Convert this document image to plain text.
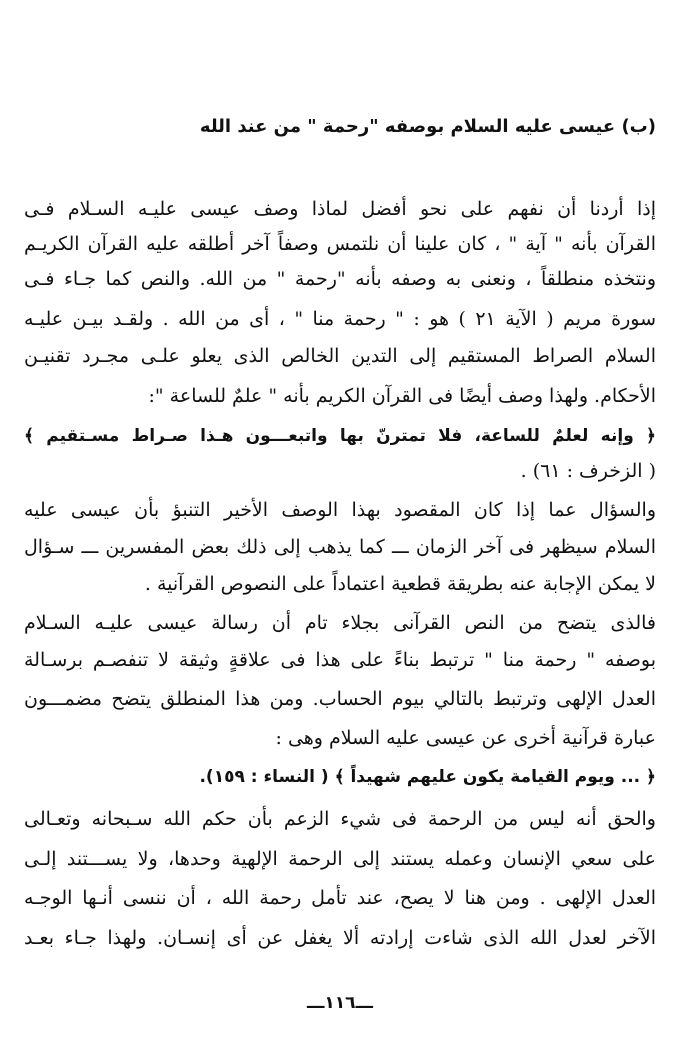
(ب) عيسى عليه السلام بوصفه "رحمة " من عند الله
إذا أردنا أن نفهم على نحو أفضل لماذا وصف عيسى عليـه السـلام فـى
القرآن بأنه " آية " ، كان علينا أن نلتمس وصفاً آخر أطلقه عليه القرآن الكريـم
ونتخذه منطلقاً ، ونعنى به وصفه بأنه "رحمة " من الله. والنص كما جـاء فـى
سورة مريم ( الآية ٢١ ) هو : " رحمة منا " ، أى من الله . ولقـد بيـن عليـه
السلام الصراط المستقيم إلى التدين الخالص الذى يعلو علـى مجـرد تقنيـن
الأحكام. ولهذا وصف أيضًا فى القرآن الكريم بأنه " علمٌ للساعة ":
﴿ وإنه لعلمٌ للساعة، فلا تمترنّ بها واتبعـــون هـذا صـراط مسـتقيم ﴾
( الزخرف : ٦١) .
والسؤال عما إذا كان المقصود بهذا الوصف الأخير التنبؤ بأن عيسى عليه
السلام سيظهر فى آخر الزمان ـــ كما يذهب إلى ذلك بعض المفسرين ـــ سـؤال
لا يمكن الإجابة عنه بطريقة قطعية اعتماداً على النصوص القرآنية .
فالذى يتضح من النص القرآنى بجلاء تام أن رسالة عيسى عليـه السـلام
بوصفه " رحمة منا " ترتبط بناءً على هذا فى علاقةٍ وثيقة لا تنفصـم برسـالة
العدل الإلهى وترتبط بالتالي بيوم الحساب. ومن هذا المنطلق يتضح مضمـــون
عبارة قرآنية أخرى عن عيسى عليه السلام وهى :
﴿ ... ويوم القيامة يكون عليهم شهيداً ﴾ ( النساء : ١٥٩).
والحق أنه ليس من الرحمة فى شيء الزعم بأن حكم الله سـبحانه وتعـالى
على سعي الإنسان وعمله يستند إلى الرحمة الإلهية وحدها، ولا يســـتند إلـى
العدل الإلهى . ومن هنا لا يصح، عند تأمل رحمة الله ، أن ننسى أنـها الوجـه
الآخر لعدل الله الذى شاءت إرادته ألا يغفل عن أى إنسـان. ولهذا جـاء بعـد
ـــ١١٦ـــ
